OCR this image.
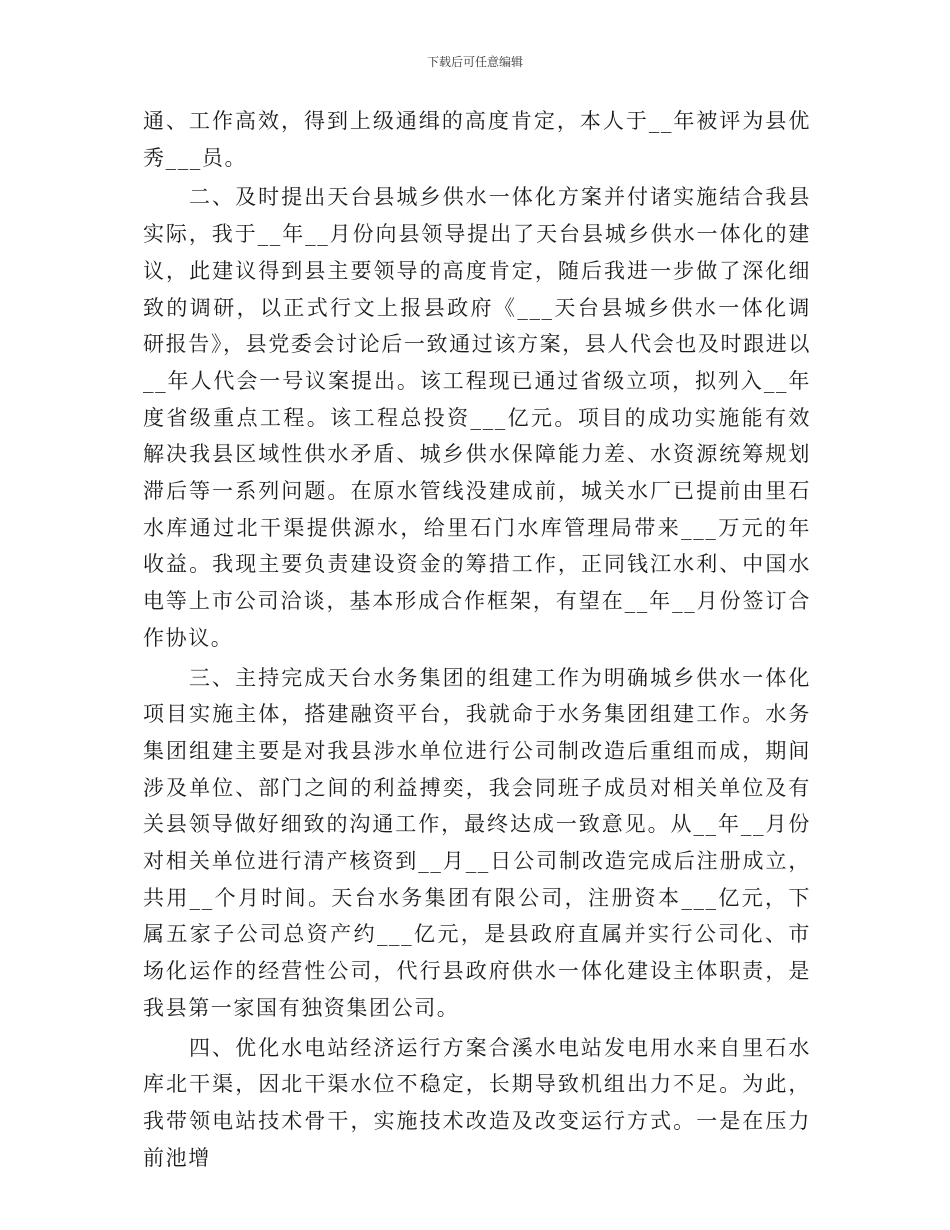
下载后可任意编辑

通、工作高效，得到上级通缉的高度肯定，本人于__年被评为县优秀___员。

二、及时提出天台县城乡供水一体化方案并付诸实施结合我县实际，我于__年__月份向县领导提出了天台县城乡供水一体化的建议，此建议得到县主要领导的高度肯定，随后我进一步做了深化细致的调研，以正式行文上报县政府《___天台县城乡供水一体化调研报告》，县党委会讨论后一致通过该方案，县人代会也及时跟进以__年人代会一号议案提出。该工程现已通过省级立项，拟列入__年度省级重点工程。该工程总投资___亿元。项目的成功实施能有效解决我县区域性供水矛盾、城乡供水保障能力差、水资源统筹规划滞后等一系列问题。在原水管线没建成前，城关水厂已提前由里石水库通过北干渠提供源水，给里石门水库管理局带来___万元的年收益。我现主要负责建设资金的筹措工作，正同钱江水利、中国水电等上市公司洽谈，基本形成合作框架，有望在__年__月份签订合作协议。

三、主持完成天台水务集团的组建工作为明确城乡供水一体化项目实施主体，搭建融资平台，我就命于水务集团组建工作。水务集团组建主要是对我县涉水单位进行公司制改造后重组而成，期间涉及单位、部门之间的利益搏奕，我会同班子成员对相关单位及有关县领导做好细致的沟通工作，最终达成一致意见。从__年__月份对相关单位进行清产核资到__月__日公司制改造完成后注册成立，共用__个月时间。天台水务集团有限公司，注册资本___亿元，下属五家子公司总资产约___亿元，是县政府直属并实行公司化、市场化运作的经营性公司，代行县政府供水一体化建设主体职责，是我县第一家国有独资集团公司。

四、优化水电站经济运行方案合溪水电站发电用水来自里石水库北干渠，因北干渠水位不稳定，长期导致机组出力不足。为此，我带领电站技术骨干，实施技术改造及改变运行方式。一是在压力前池增
